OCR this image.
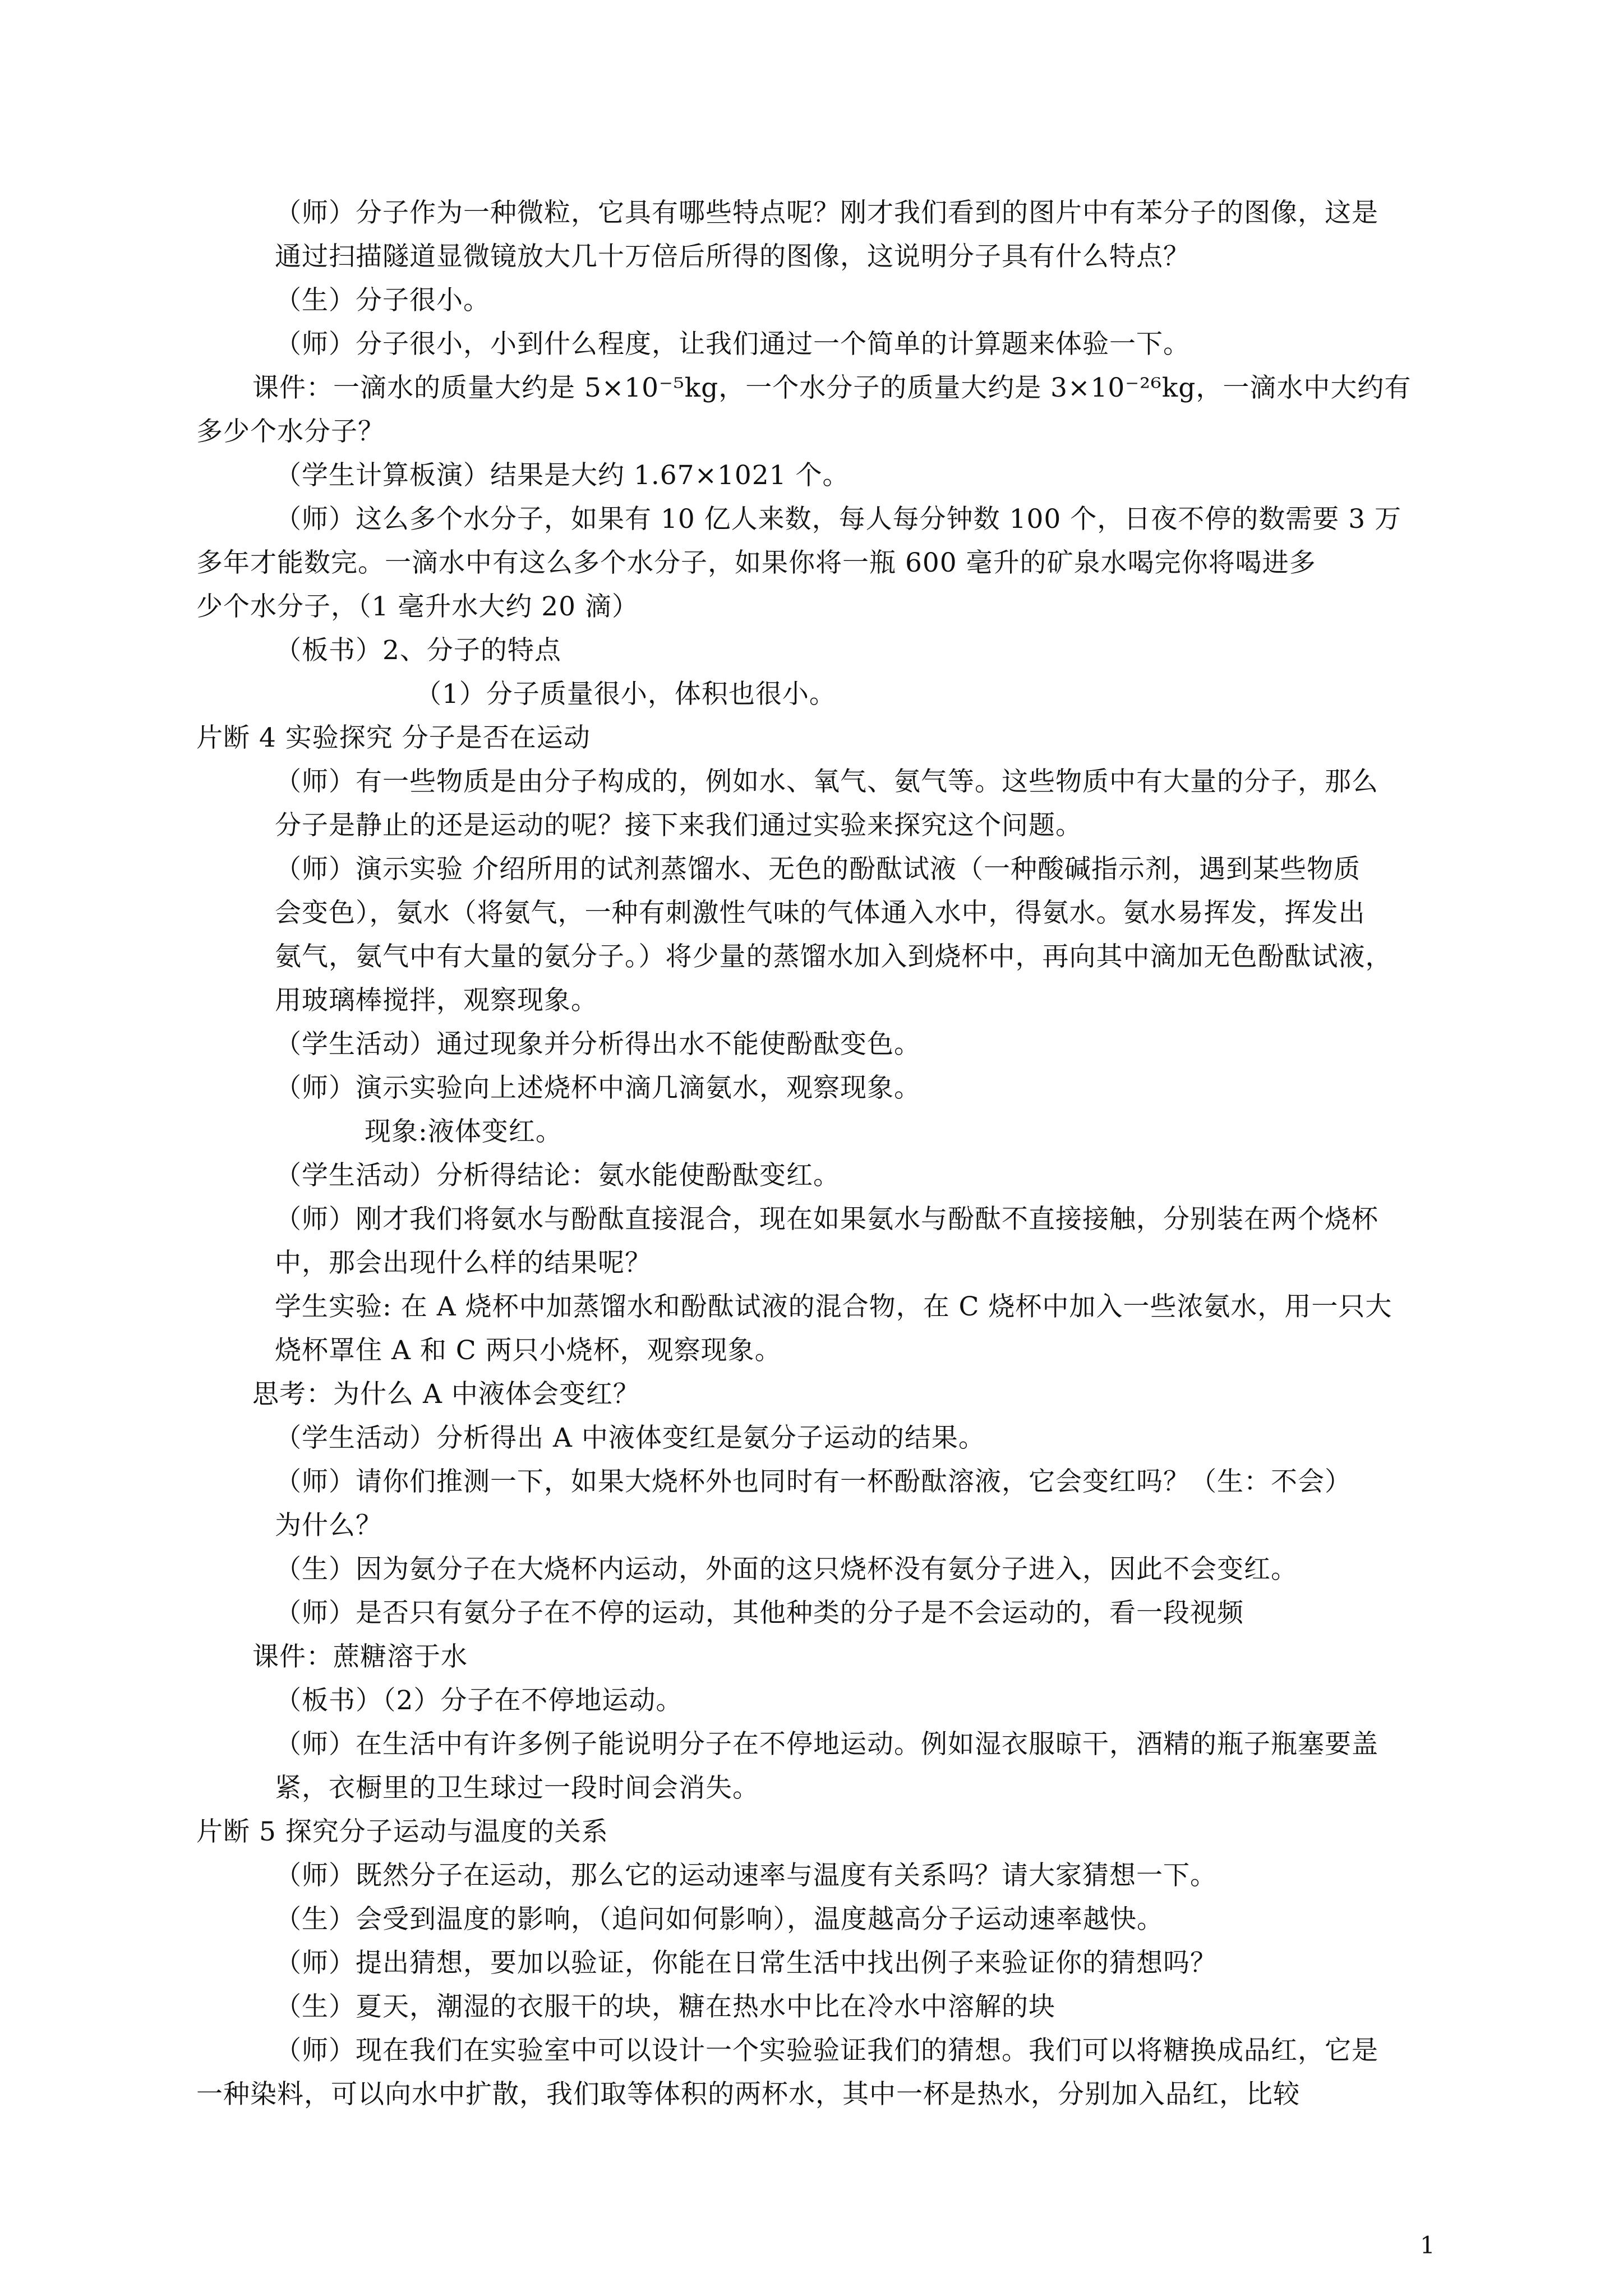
（师）分子作为一种微粒，它具有哪些特点呢？刚才我们看到的图片中有苯分子的图像，这是
通过扫描隧道显微镜放大几十万倍后所得的图像，这说明分子具有什么特点？
（生）分子很小。
（师）分子很小，小到什么程度，让我们通过一个简单的计算题来体验一下。
课件：一滴水的质量大约是 5×10⁻⁵kg，一个水分子的质量大约是 3×10⁻²⁶kg，一滴水中大约有
多少个水分子？
（学生计算板演）结果是大约 1.67×1021 个。
（师）这么多个水分子，如果有 10 亿人来数，每人每分钟数 100 个，日夜不停的数需要 3 万
多年才能数完。一滴水中有这么多个水分子，如果你将一瓶 600 毫升的矿泉水喝完你将喝进多
少个水分子，（1 毫升水大约 20 滴）
（板书）2、分子的特点
（1）分子质量很小，体积也很小。
片断 4 实验探究 分子是否在运动
（师）有一些物质是由分子构成的，例如水、氧气、氨气等。这些物质中有大量的分子，那么
分子是静止的还是运动的呢？接下来我们通过实验来探究这个问题。
（师）演示实验 介绍所用的试剂蒸馏水、无色的酚酞试液（一种酸碱指示剂，遇到某些物质
会变色），氨水（将氨气，一种有刺激性气味的气体通入水中，得氨水。氨水易挥发，挥发出
氨气，氨气中有大量的氨分子。）将少量的蒸馏水加入到烧杯中，再向其中滴加无色酚酞试液，
用玻璃棒搅拌，观察现象。
（学生活动）通过现象并分析得出水不能使酚酞变色。
（师）演示实验向上述烧杯中滴几滴氨水，观察现象。
现象:液体变红。
（学生活动）分析得结论：氨水能使酚酞变红。
（师）刚才我们将氨水与酚酞直接混合，现在如果氨水与酚酞不直接接触，分别装在两个烧杯
中，那会出现什么样的结果呢？
学生实验: 在 A 烧杯中加蒸馏水和酚酞试液的混合物，在 C 烧杯中加入一些浓氨水，用一只大
烧杯罩住 A 和 C 两只小烧杯，观察现象。
思考：为什么 A 中液体会变红？
（学生活动）分析得出 A 中液体变红是氨分子运动的结果。
（师）请你们推测一下，如果大烧杯外也同时有一杯酚酞溶液，它会变红吗？（生：不会）
为什么？
（生）因为氨分子在大烧杯内运动，外面的这只烧杯没有氨分子进入，因此不会变红。
（师）是否只有氨分子在不停的运动，其他种类的分子是不会运动的，看一段视频
课件：蔗糖溶于水
（板书）（2）分子在不停地运动。
（师）在生活中有许多例子能说明分子在不停地运动。例如湿衣服晾干，酒精的瓶子瓶塞要盖
紧，衣橱里的卫生球过一段时间会消失。
片断 5 探究分子运动与温度的关系
（师）既然分子在运动，那么它的运动速率与温度有关系吗？请大家猜想一下。
（生）会受到温度的影响，（追问如何影响），温度越高分子运动速率越快。
（师）提出猜想，要加以验证，你能在日常生活中找出例子来验证你的猜想吗？
（生）夏天，潮湿的衣服干的块，糖在热水中比在冷水中溶解的块
（师）现在我们在实验室中可以设计一个实验验证我们的猜想。我们可以将糖换成品红，它是
一种染料，可以向水中扩散，我们取等体积的两杯水，其中一杯是热水，分别加入品红，比较
1
